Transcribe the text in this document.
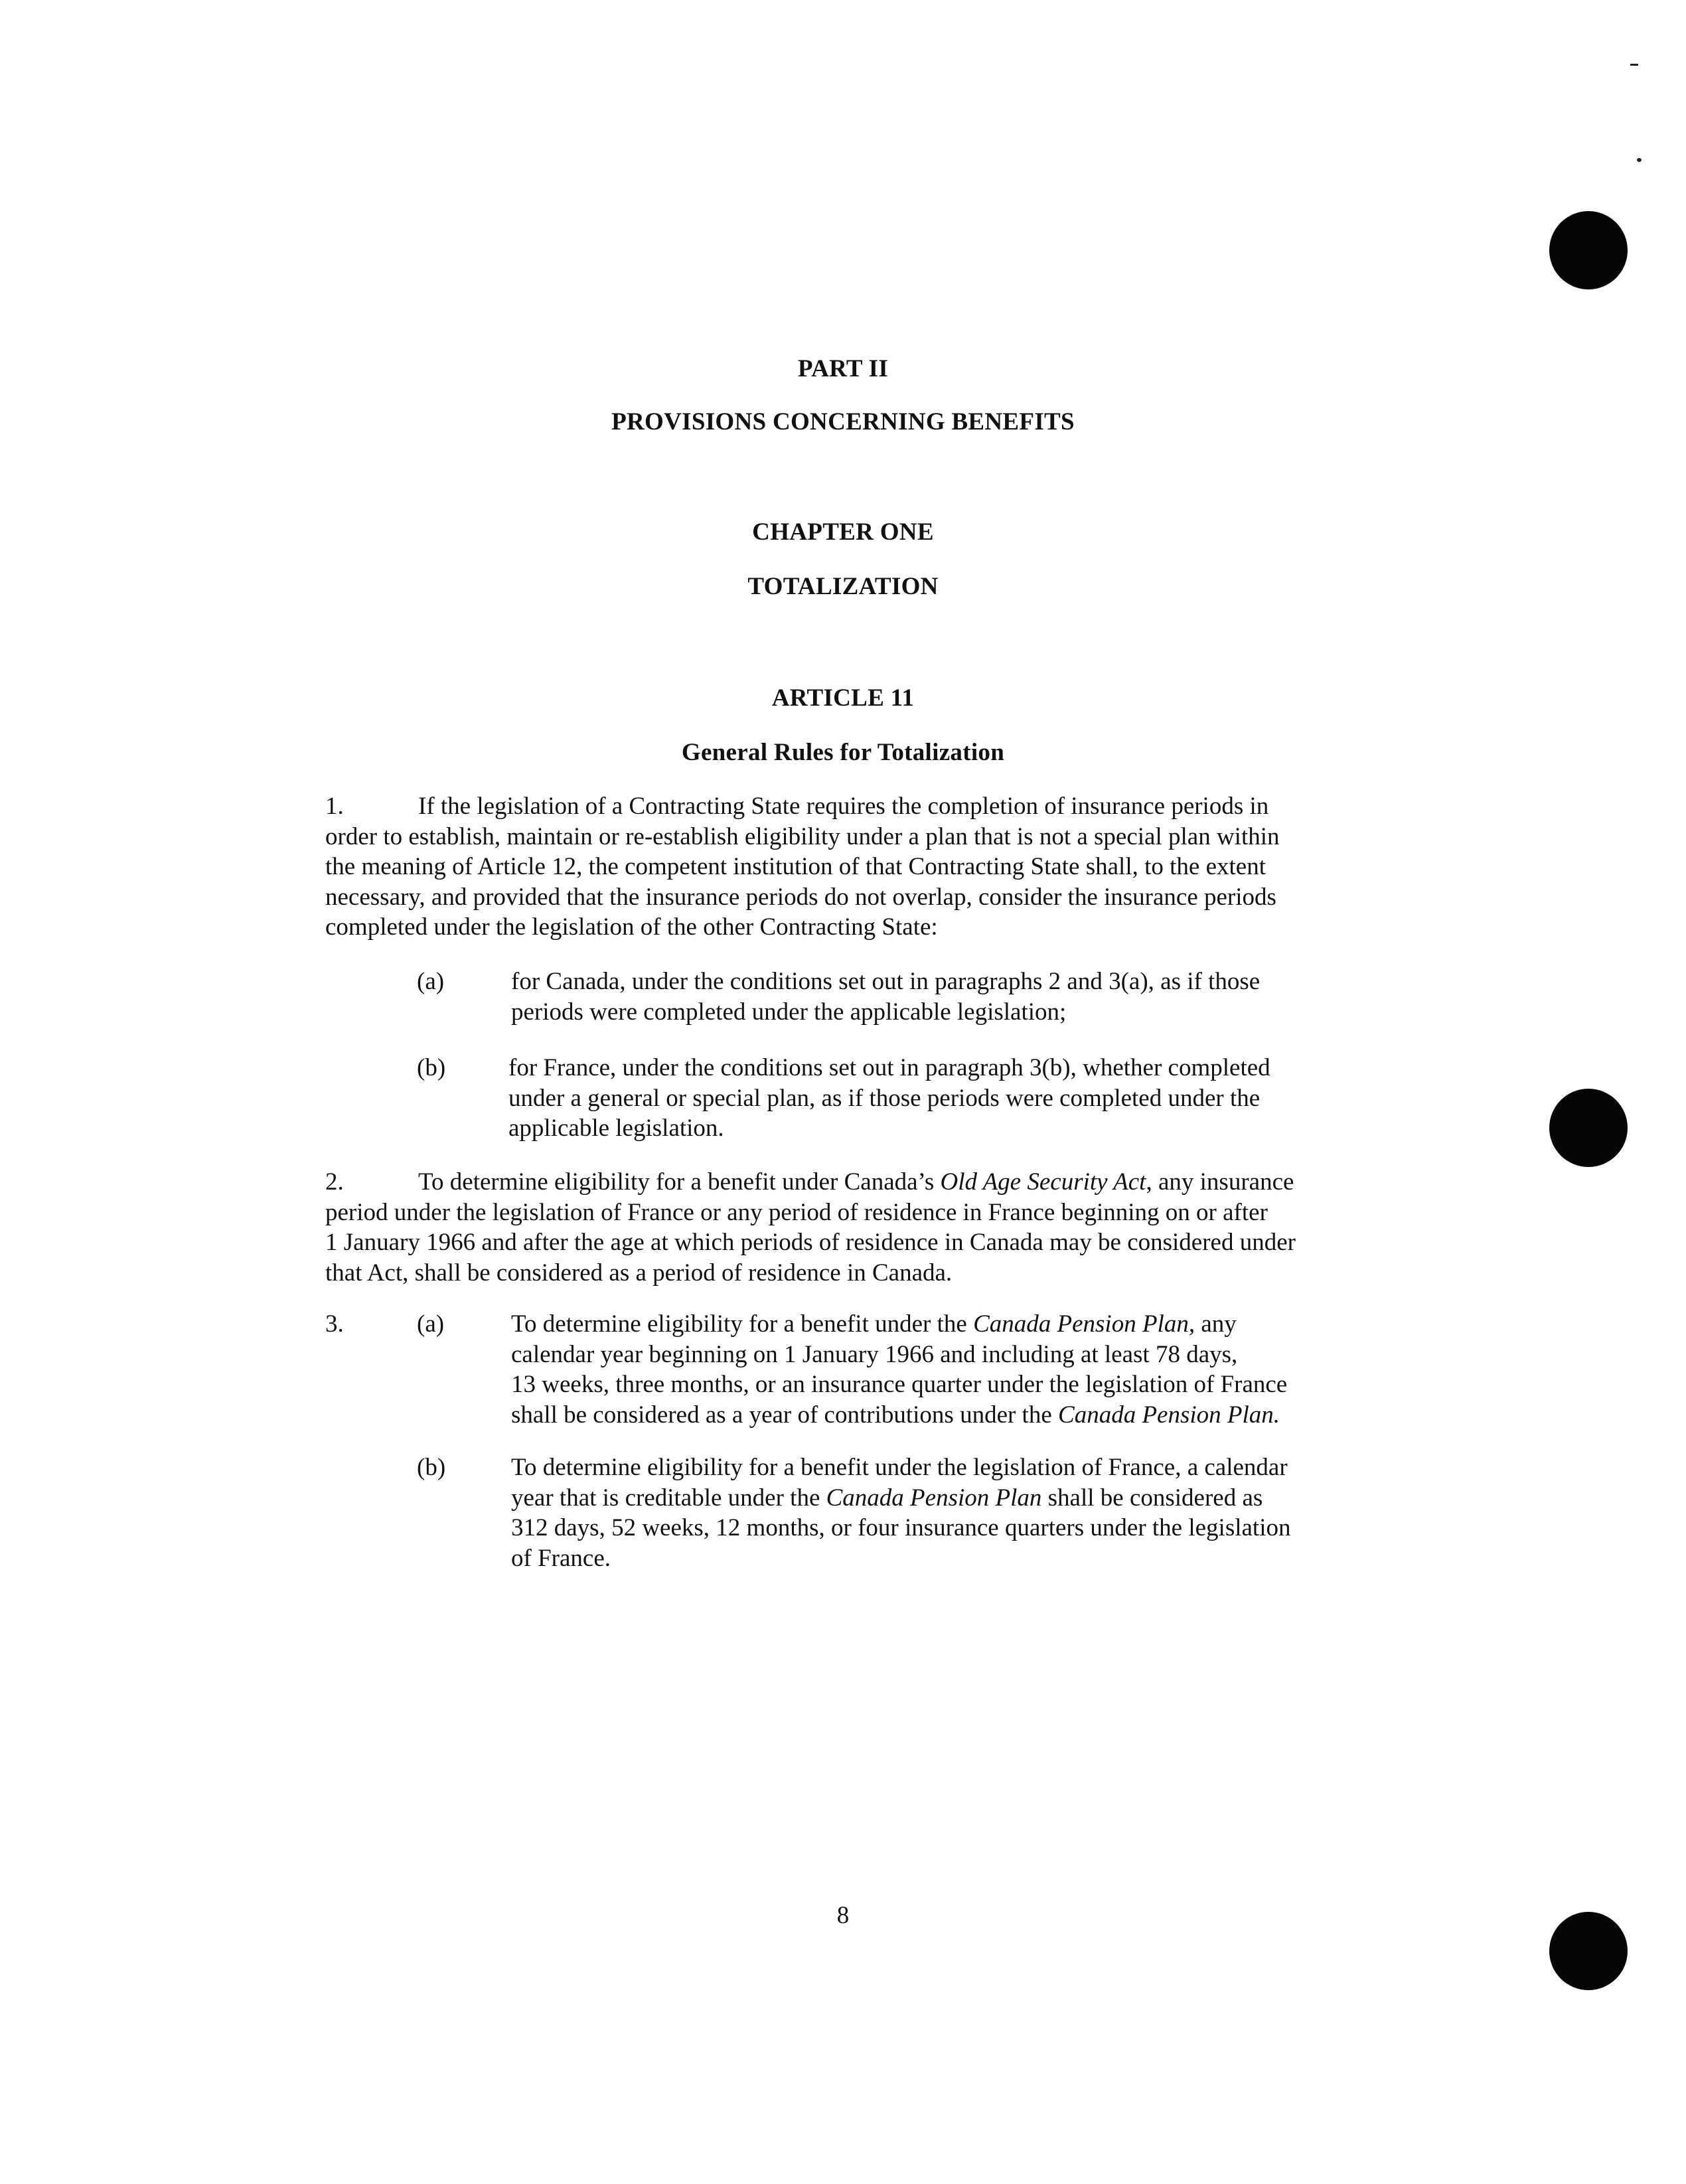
PART II
PROVISIONS CONCERNING BENEFITS
CHAPTER ONE
TOTALIZATION
ARTICLE 11
General Rules for Totalization
1.	If the legislation of a Contracting State requires the completion of insurance periods in
order to establish, maintain or re-establish eligibility under a plan that is not a special plan within
the meaning of Article 12, the competent institution of that Contracting State shall, to the extent
necessary, and provided that the insurance periods do not overlap, consider the insurance periods
completed under the legislation of the other Contracting State:
(a)	for Canada, under the conditions set out in paragraphs 2 and 3(a), as if those
periods were completed under the applicable legislation;
(b)	for France, under the conditions set out in paragraph 3(b), whether completed
under a general or special plan, as if those periods were completed under the
applicable legislation.
2.	To determine eligibility for a benefit under Canada’s Old Age Security Act, any insurance
period under the legislation of France or any period of residence in France beginning on or after
1 January 1966 and after the age at which periods of residence in Canada may be considered under
that Act, shall be considered as a period of residence in Canada.
3.	(a)	To determine eligibility for a benefit under the Canada Pension Plan, any
calendar year beginning on 1 January 1966 and including at least 78 days,
13 weeks, three months, or an insurance quarter under the legislation of France
shall be considered as a year of contributions under the Canada Pension Plan.
(b)	To determine eligibility for a benefit under the legislation of France, a calendar
year that is creditable under the Canada Pension Plan shall be considered as
312 days, 52 weeks, 12 months, or four insurance quarters under the legislation
of France.
8
